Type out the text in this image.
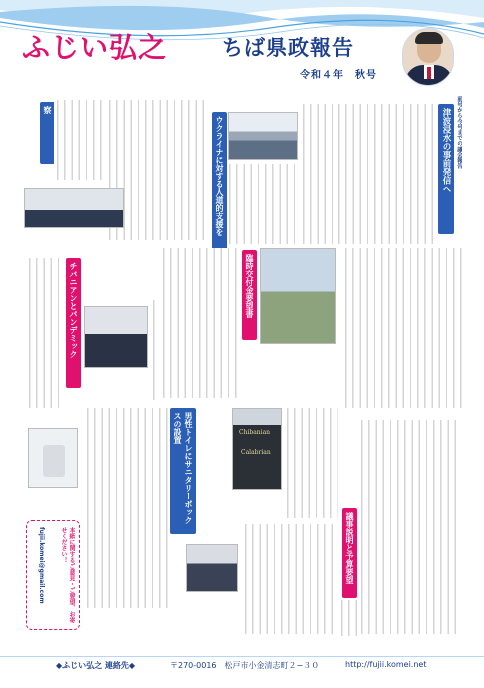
ふじい弘之	ちば県政報告
令和４年　秋号
津波浸水の事前発信へ 前号から今号までの議会報告
ウクライナに対する人道的支援を
察
臨時交付金要望書
チバニアンとパンデミック
男性トイレにサニタリーボックスの設置	Chibanian
Calabrian
議事説明と予算要望
本紙に関するご意見・ご要望、お寄せください！
fujii.komei@gmail.com
◆ふじい弘之 連絡先◆	〒270-0016　松戸市小金清志町２−３０	http://fujii.komei.net
